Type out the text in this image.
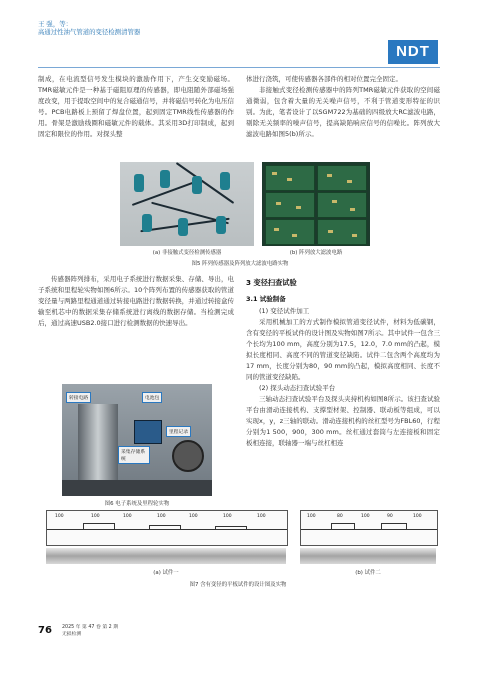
王 强，等：
高通过性油气管道的变径检测清管器
NDT

制成，在电流型信号发生模块的激励作用下，产生交变励磁场。TMR磁敏元件是一种基于磁阻原理的传感器，即电阻随外部磁场强度改变，用于提取空间中的复合磁通信号，并将磁信号转化为电压信号。PCB电路板上预留了焊盘位置，起到固定TMR线性传感器的作用。骨架是激励线圈和磁敏元件的载体。其采用3D打印制成，起到固定和限位的作用。对探头整

体进行浇筑，可使传感器各部件的相对位置完全固定。

非接触式变径检测传感器中的阵列TMR磁敏元件获取的空间磁通微弱，包含着大量的无关噪声信号，不利于管道变形特征的识别。为此，笔者设计了以SGM722为基础的四级放大RC滤波电路，剔除无关频率的噪声信号，提高缺陷响应信号的信噪比。阵列放大滤波电路如图5(b)所示。

(a) 非接触式变径检测传感器	(b) 阵列放大滤波电路
图5 阵列传感器及阵列放大滤波电路实物

传感器阵列排布，采用电子系统进行数据采集、存储、导出，电子系统和里程轮实物如图6所示。10个阵列布置的传感器获取的管道变径量与两路里程通道通过转接电路进行数据转换，并通过转接盒传输至机芯中的数据采集存储系统进行离线的数据存储。当检测完成后，通过高速USB2.0接口进行检测数据的快速导出。

转接电路	电池包
采集存储系统
里程记录
图6 电子系统及里程轮实物
3 变径扫查试验
3.1 试验制备

(1) 变径试件加工

采用机械加工的方式制作模拟管道变径试件，材料为低碳钢，含有变径的平板试件的设计图及实物如图7所示。其中试件一包含三个长均为100 mm，高度分别为17.5，12.0，7.0 mm的凸起，模拟长度相同、高度不同的管道变径缺陷。试件二包含两个高度均为17 mm，长度分别为80，90 mm的凸起，模拟高度相同、长度不同的管道变径缺陷。

(2) 探头动态扫查试验平台

三轴动态扫查试验平台及探头夹持机构如图8所示。该扫查试验平台由滑动连接机构、支撑型材架、控制器、联动板等组成，可以实现x，y，z三轴的联动。滑动连接机构的丝杠型号为FBL60，行程分别为1 500，900，300 mm。丝杠通过套筒与左连接板和固定板相连接，联轴器一端与丝杠相连

100	100	100	100	100	100	100	100	80	100	90	100
(a) 试件一	(b) 试件二
图7 含有变径的平板试件的设计图及实物
76 2025 年 第 47 卷 第 2 期
无损检测
